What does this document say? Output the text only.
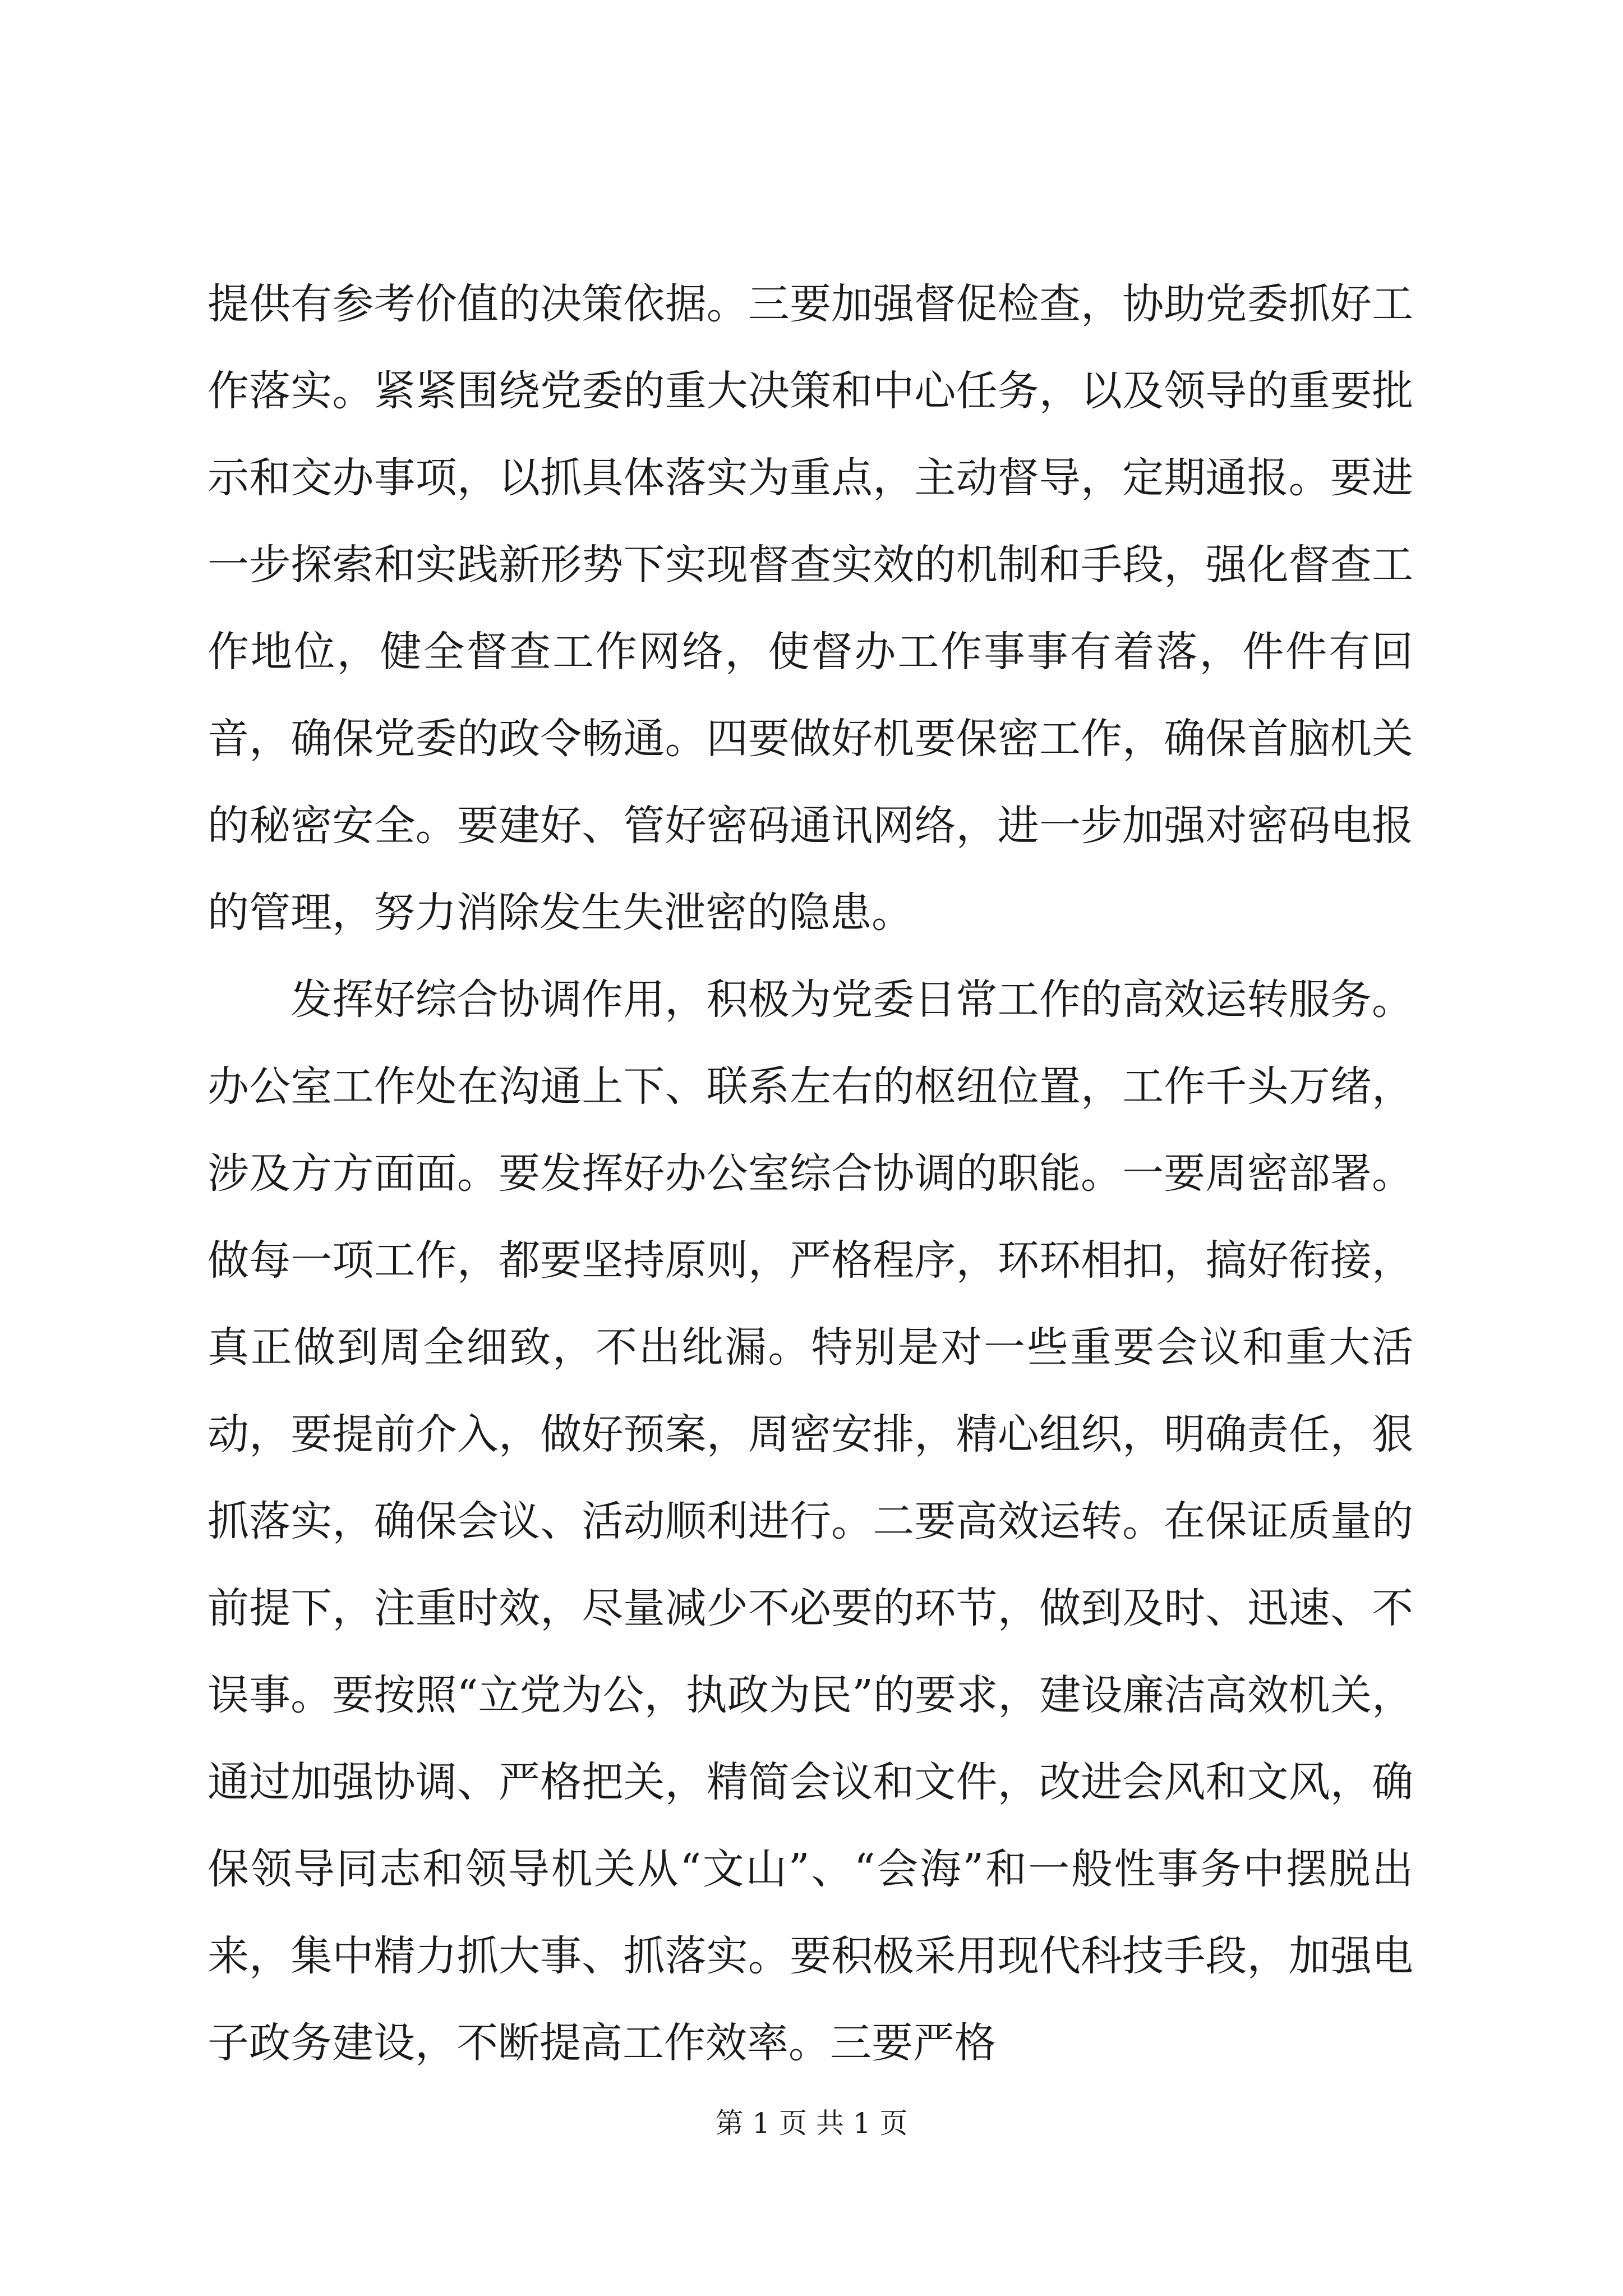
提供有参考价值的决策依据。三要加强督促检查，协助党委抓好工作落实。紧紧围绕党委的重大决策和中心任务，以及领导的重要批示和交办事项，以抓具体落实为重点，主动督导，定期通报。要进一步探索和实践新形势下实现督查实效的机制和手段，强化督查工作地位，健全督查工作网络，使督办工作事事有着落，件件有回音，确保党委的政令畅通。四要做好机要保密工作，确保首脑机关的秘密安全。要建好、管好密码通讯网络，进一步加强对密码电报的管理，努力消除发生失泄密的隐患。

发挥好综合协调作用，积极为党委日常工作的高效运转服务。办公室工作处在沟通上下、联系左右的枢纽位置，工作千头万绪，涉及方方面面。要发挥好办公室综合协调的职能。一要周密部署。做每一项工作，都要坚持原则，严格程序，环环相扣，搞好衔接，真正做到周全细致，不出纰漏。特别是对一些重要会议和重大活动，要提前介入，做好预案，周密安排，精心组织，明确责任，狠抓落实，确保会议、活动顺利进行。二要高效运转。在保证质量的前提下，注重时效，尽量减少不必要的环节，做到及时、迅速、不误事。要按照“立党为公，执政为民”的要求，建设廉洁高效机关，通过加强协调、严格把关，精简会议和文件，改进会风和文风，确保领导同志和领导机关从“文山”、“会海”和一般性事务中摆脱出来，集中精力抓大事、抓落实。要积极采用现代科技手段，加强电子政务建设，不断提高工作效率。三要严格

第 1 页 共 1 页
